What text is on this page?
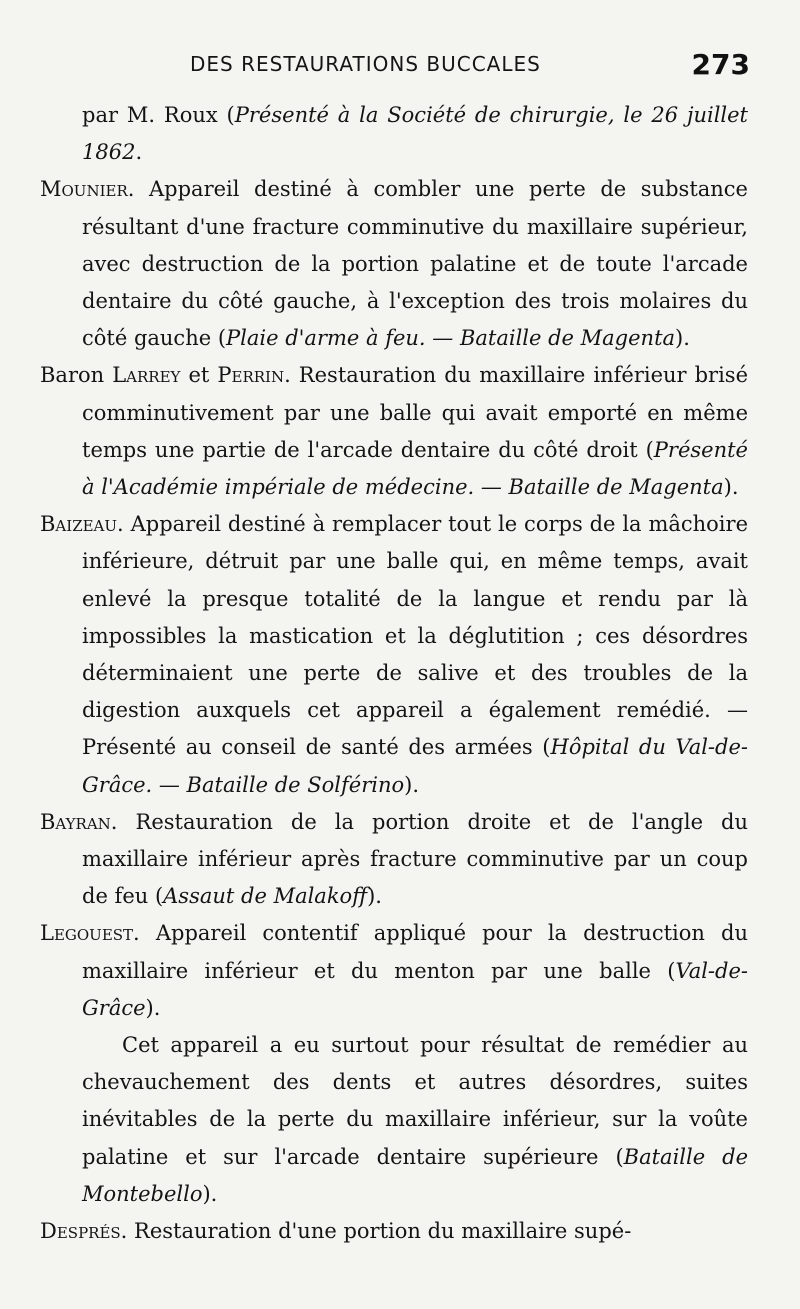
DES RESTAURATIONS BUCCALES	273

par M. Roux (Présenté à la Société de chirurgie, le 26 juillet 1862.

Mounier. Appareil destiné à combler une perte de substance résultant d'une fracture comminutive du maxillaire supérieur, avec destruction de la portion palatine et de toute l'arcade dentaire du côté gauche, à l'exception des trois molaires du côté gauche (Plaie d'arme à feu. — Bataille de Magenta).

Baron Larrey et Perrin. Restauration du maxillaire inférieur brisé comminutivement par une balle qui avait emporté en même temps une partie de l'arcade dentaire du côté droit (Présenté à l'Académie impériale de médecine. — Bataille de Magenta).

Baizeau. Appareil destiné à remplacer tout le corps de la mâchoire inférieure, détruit par une balle qui, en même temps, avait enlevé la presque totalité de la langue et rendu par là impossibles la mastication et la déglutition ; ces désordres déterminaient une perte de salive et des troubles de la digestion auxquels cet appareil a également remédié. — Présenté au conseil de santé des armées (Hôpital du Val-de-Grâce. — Bataille de Solférino).

Bayran. Restauration de la portion droite et de l'angle du maxillaire inférieur après fracture comminutive par un coup de feu (Assaut de Malakoff).

Legouest. Appareil contentif appliqué pour la destruction du maxillaire inférieur et du menton par une balle (Val-de-Grâce).

Cet appareil a eu surtout pour résultat de remédier au chevauchement des dents et autres désordres, suites inévitables de la perte du maxillaire inférieur, sur la voûte palatine et sur l'arcade dentaire supérieure (Bataille de Montebello).

Després. Restauration d'une portion du maxillaire supé-
